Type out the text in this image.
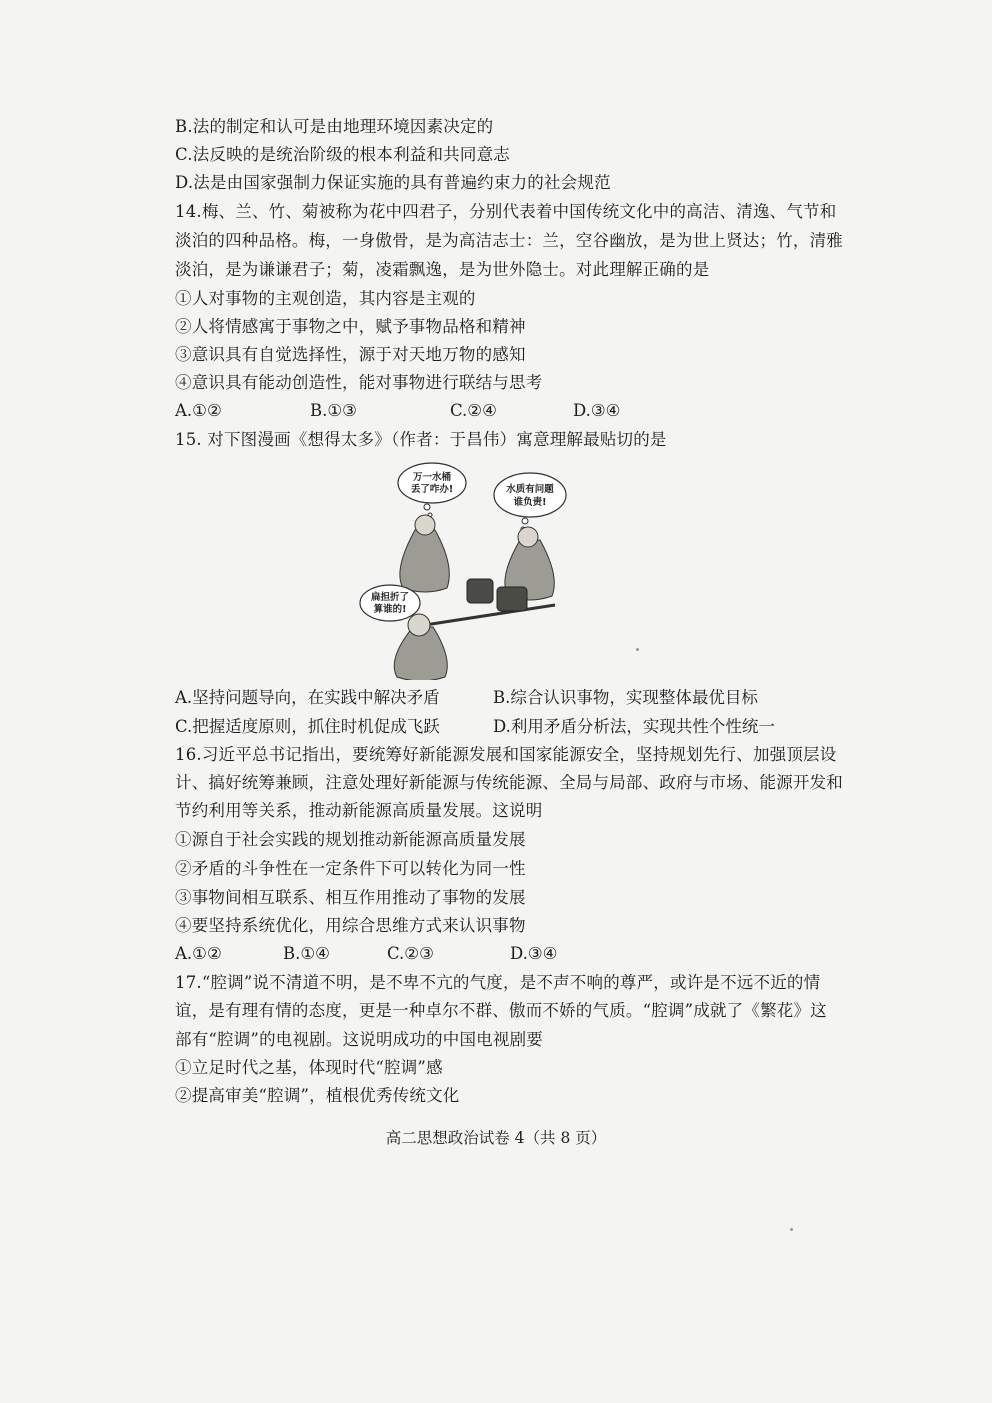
B.法的制定和认可是由地理环境因素决定的
C.法反映的是统治阶级的根本利益和共同意志
D.法是由国家强制力保证实施的具有普遍约束力的社会规范
14.梅、兰、竹、菊被称为花中四君子，分别代表着中国传统文化中的高洁、清逸、气节和
淡泊的四种品格。梅，一身傲骨，是为高洁志士：兰，空谷幽放，是为世上贤达；竹，清雅
淡泊，是为谦谦君子；菊，凌霜飘逸，是为世外隐士。对此理解正确的是
①人对事物的主观创造，其内容是主观的
②人将情感寓于事物之中，赋予事物品格和精神
③意识具有自觉选择性，源于对天地万物的感知
④意识具有能动创造性，能对事物进行联结与思考
A.①②	B.①③	C.②④	D.③④
15. 对下图漫画《想得太多》（作者：于昌伟）寓意理解最贴切的是
万一水桶
丢了咋办!	水质有问题
谁负责!
扁担折了
算谁的!
A.坚持问题导向，在实践中解决矛盾	B.综合认识事物，实现整体最优目标
C.把握适度原则，抓住时机促成飞跃	D.利用矛盾分析法，实现共性个性统一
16.习近平总书记指出，要统筹好新能源发展和国家能源安全，坚持规划先行、加强顶层设
计、搞好统筹兼顾，注意处理好新能源与传统能源、全局与局部、政府与市场、能源开发和
节约利用等关系，推动新能源高质量发展。这说明
①源自于社会实践的规划推动新能源高质量发展
②矛盾的斗争性在一定条件下可以转化为同一性
③事物间相互联系、相互作用推动了事物的发展
④要坚持系统优化，用综合思维方式来认识事物
A.①②	B.①④	C.②③	D.③④
17.“腔调”说不清道不明，是不卑不亢的气度，是不声不响的尊严，或许是不远不近的情
谊，是有理有情的态度，更是一种卓尔不群、傲而不娇的气质。“腔调”成就了《繁花》这
部有“腔调”的电视剧。这说明成功的中国电视剧要
①立足时代之基，体现时代“腔调”感
②提高审美“腔调”，植根优秀传统文化
高二思想政治试卷 4（共 8 页）
